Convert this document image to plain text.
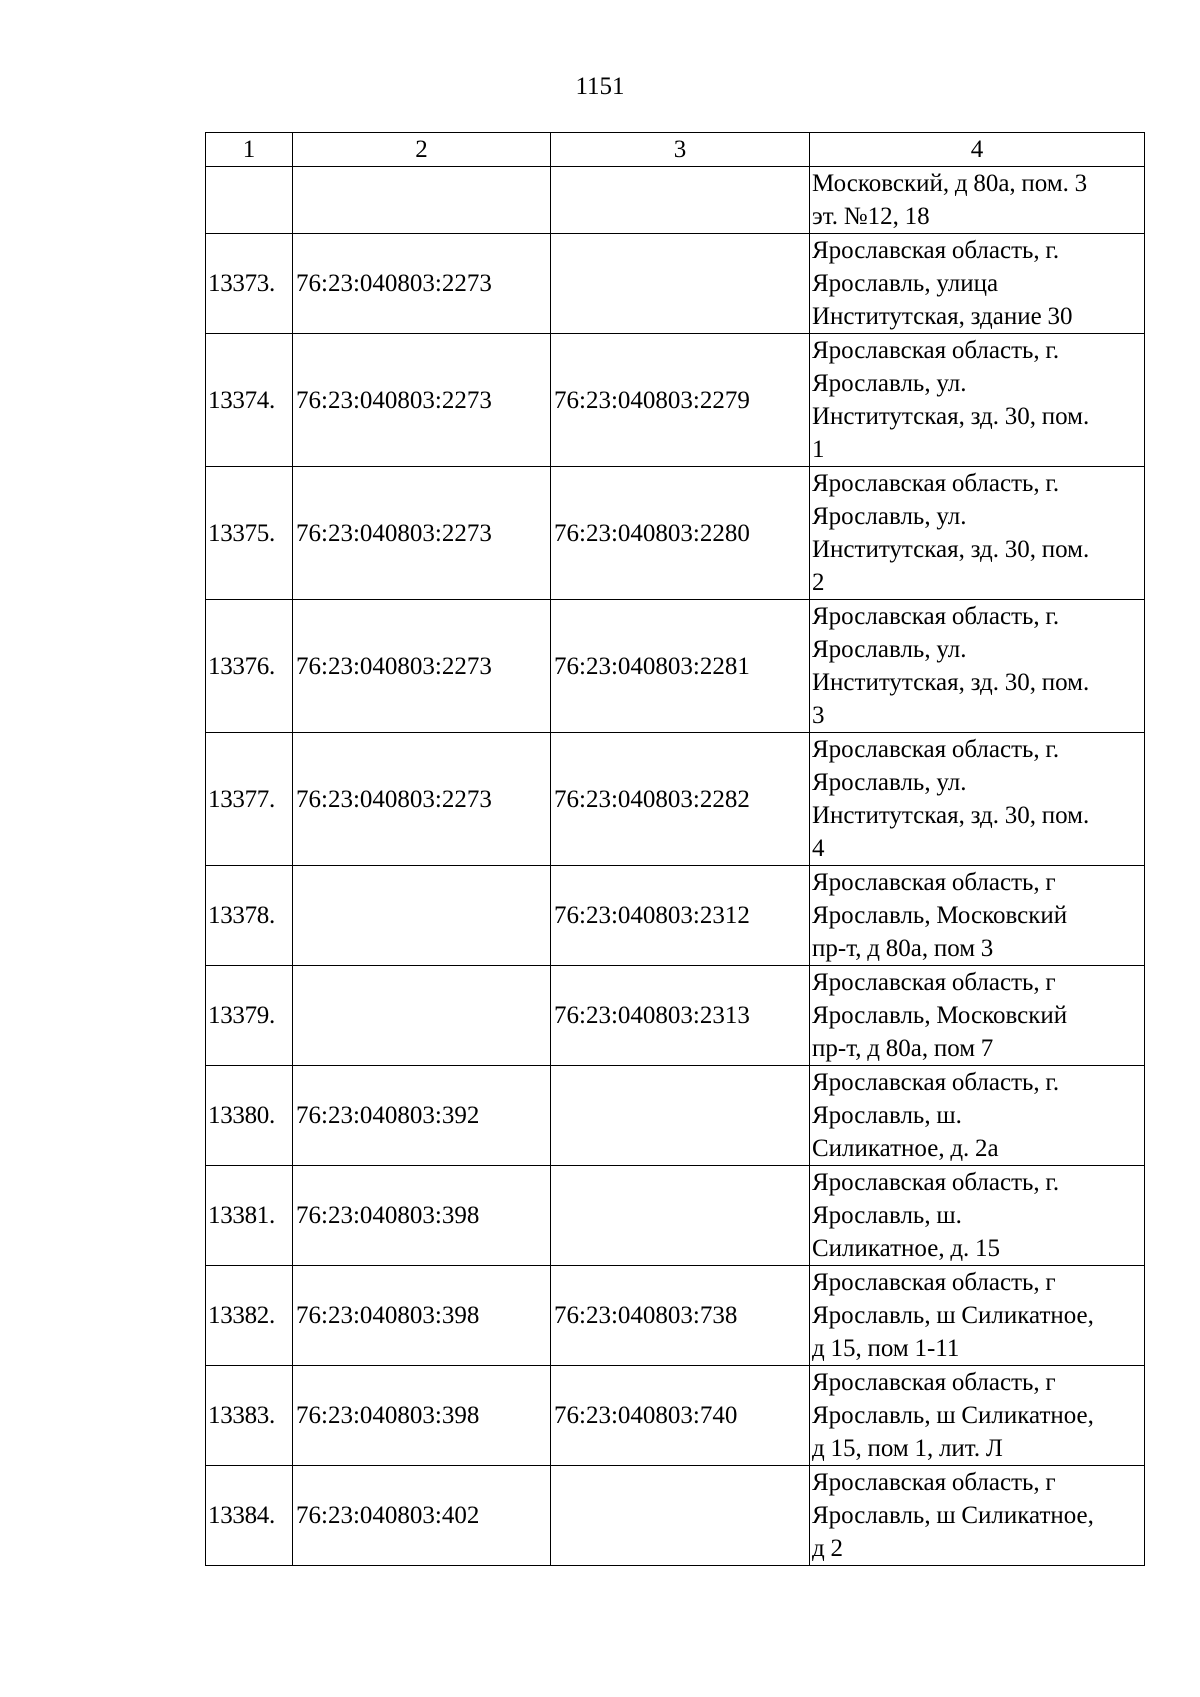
1151
1	2	3	4
			Московский, д 80а, пом. 3
эт. №12, 18
13373.	76:23:040803:2273		Ярославская область, г.
Ярославль, улица
Институтская, здание 30
13374.	76:23:040803:2273	76:23:040803:2279	Ярославская область, г.
Ярославль, ул.
Институтская, зд. 30, пом.
1
13375.	76:23:040803:2273	76:23:040803:2280	Ярославская область, г.
Ярославль, ул.
Институтская, зд. 30, пом.
2
13376.	76:23:040803:2273	76:23:040803:2281	Ярославская область, г.
Ярославль, ул.
Институтская, зд. 30, пом.
3
13377.	76:23:040803:2273	76:23:040803:2282	Ярославская область, г.
Ярославль, ул.
Институтская, зд. 30, пом.
4
13378.		76:23:040803:2312	Ярославская область, г
Ярославль, Московский
пр-т, д 80а, пом 3
13379.		76:23:040803:2313	Ярославская область, г
Ярославль, Московский
пр-т, д 80а, пом 7
13380.	76:23:040803:392		Ярославская область, г.
Ярославль, ш.
Силикатное, д. 2а
13381.	76:23:040803:398		Ярославская область, г.
Ярославль, ш.
Силикатное, д. 15
13382.	76:23:040803:398	76:23:040803:738	Ярославская область, г
Ярославль, ш Силикатное,
д 15, пом 1-11
13383.	76:23:040803:398	76:23:040803:740	Ярославская область, г
Ярославль, ш Силикатное,
д 15, пом 1, лит. Л
13384.	76:23:040803:402		Ярославская область, г
Ярославль, ш Силикатное,
д 2
